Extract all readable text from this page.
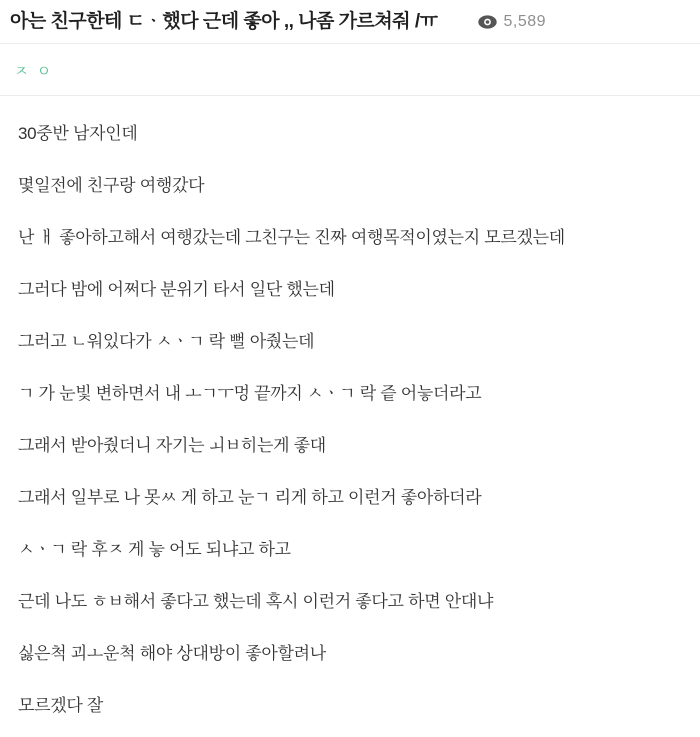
아는 친구한테 ㄷᆞ했다 근데 좋아 ,, 나좀 가르쳐줘 /ㅠ	5,589
ㅈ ㅇ

30중반 남자인데

몇일전에 친구랑 여행갔다

난 ㅐ 좋아하고해서 여행갔는데 그친구는 진짜 여행목적이였는지 모르겠는데

그러다 밤에 어쩌다 분위기 타서 일단 했는데

그러고 ㄴ워있다가 ㅅㆍㄱ 락 뻘 아줬는데

ㄱ 가 눈빛 변하면서 내 ㅗㄱㅜ멍 끝까지 ㅅㆍㄱ 락 즡 어늫더라고

그래서 받아줬더니 자기는 ㅚㅂ히는게 좋대

그래서 일부로 나 못ㅆ 게 하고 눈ㄱ 리게 하고 이런거 좋아하더라

ㅅㆍㄱ 락 후ㅈ 게 늫 어도 되냐고 하고

근데 나도 ㅎㅂ해서 좋다고 했는데 혹시 이런거 좋다고 하면 안대냐

싫은척 괴ㅗ운척 해야 상대방이 좋아할려나

모르겠다 잘
